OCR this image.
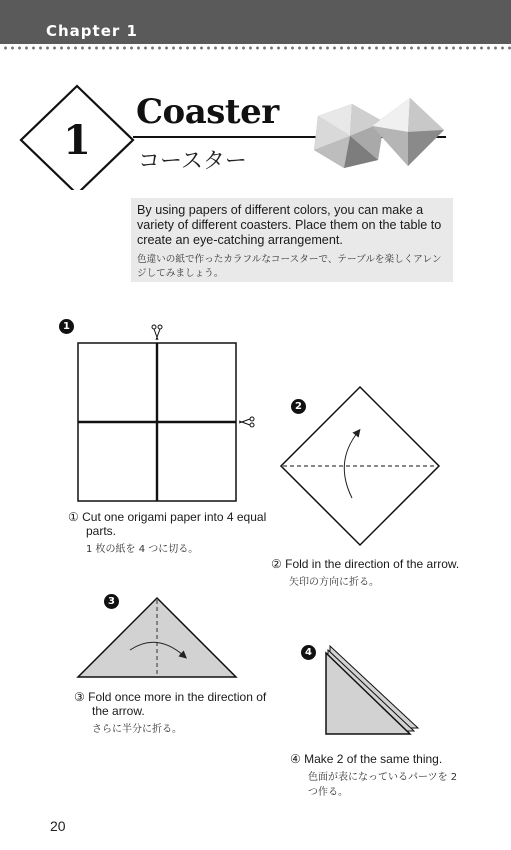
Chapter 1
1
Coaster
コースター
By using papers of different colors, you can make a variety of different coasters. Place them on the table to create an eye-catching arrangement.
色違いの紙で作ったカラフルなコースターで、テーブルを楽しくアレンジしてみましょう。
1
2
3
4
① Cut one origami paper into 4 equal parts.
1 枚の紙を 4 つに切る。
② Fold in the direction of the arrow.
矢印の方向に折る。
③ Fold once more in the direction of the arrow.
さらに半分に折る。
④ Make 2 of the same thing.
色面が表になっているパーツを 2 つ作る。
20
